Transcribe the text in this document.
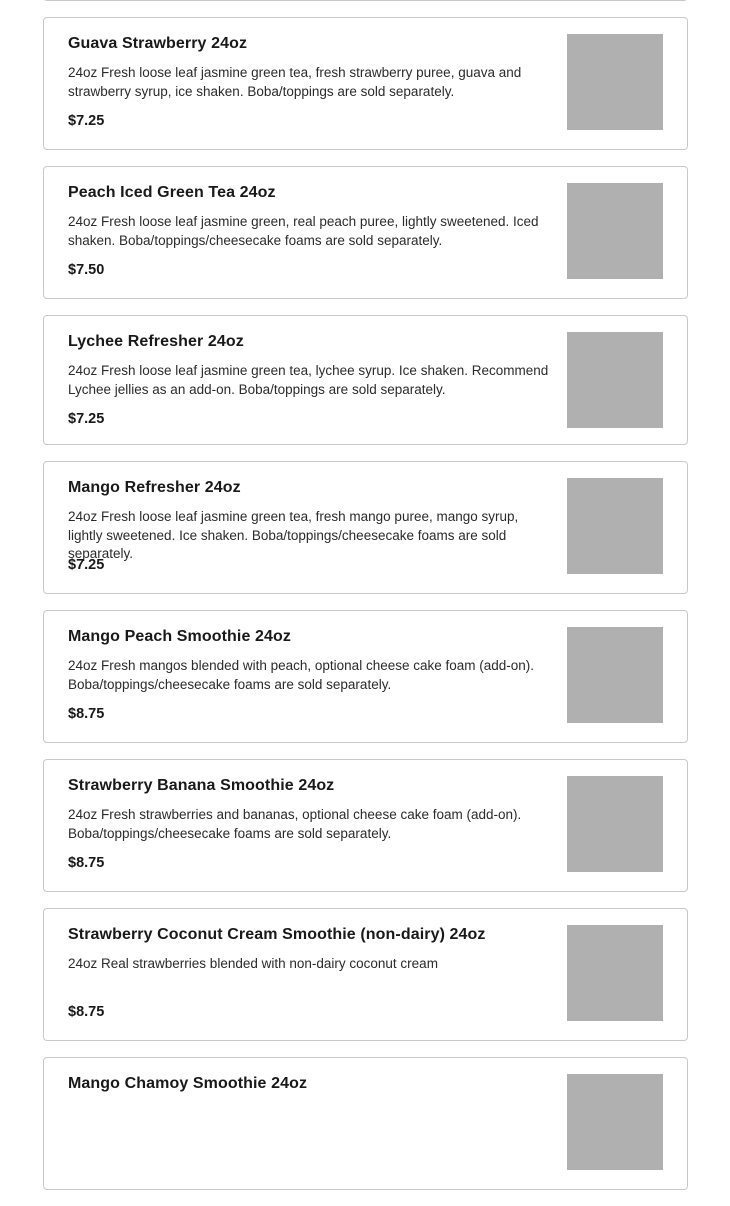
Guava Strawberry 24oz
24oz Fresh loose leaf jasmine green tea, fresh strawberry puree, guava and strawberry syrup, ice shaken. Boba/toppings are sold separately.
$7.25
Peach Iced Green Tea 24oz
24oz Fresh loose leaf jasmine green, real peach puree, lightly sweetened. Iced shaken. Boba/toppings/cheesecake foams are sold separately.
$7.50
Lychee Refresher 24oz
24oz Fresh loose leaf jasmine green tea, lychee syrup. Ice shaken. Recommend Lychee jellies as an add-on. Boba/toppings are sold separately.
$7.25
Mango Refresher 24oz
24oz Fresh loose leaf jasmine green tea, fresh mango puree, mango syrup, lightly sweetened. Ice shaken. Boba/toppings/cheesecake foams are sold separately.
$7.25
Mango Peach Smoothie 24oz
24oz Fresh mangos blended with peach, optional cheese cake foam (add-on). Boba/toppings/cheesecake foams are sold separately.
$8.75
Strawberry Banana Smoothie 24oz
24oz Fresh strawberries and bananas, optional cheese cake foam (add-on). Boba/toppings/cheesecake foams are sold separately.
$8.75
Strawberry Coconut Cream Smoothie (non-dairy) 24oz
24oz Real strawberries blended with non-dairy coconut cream
$8.75
Mango Chamoy Smoothie 24oz
